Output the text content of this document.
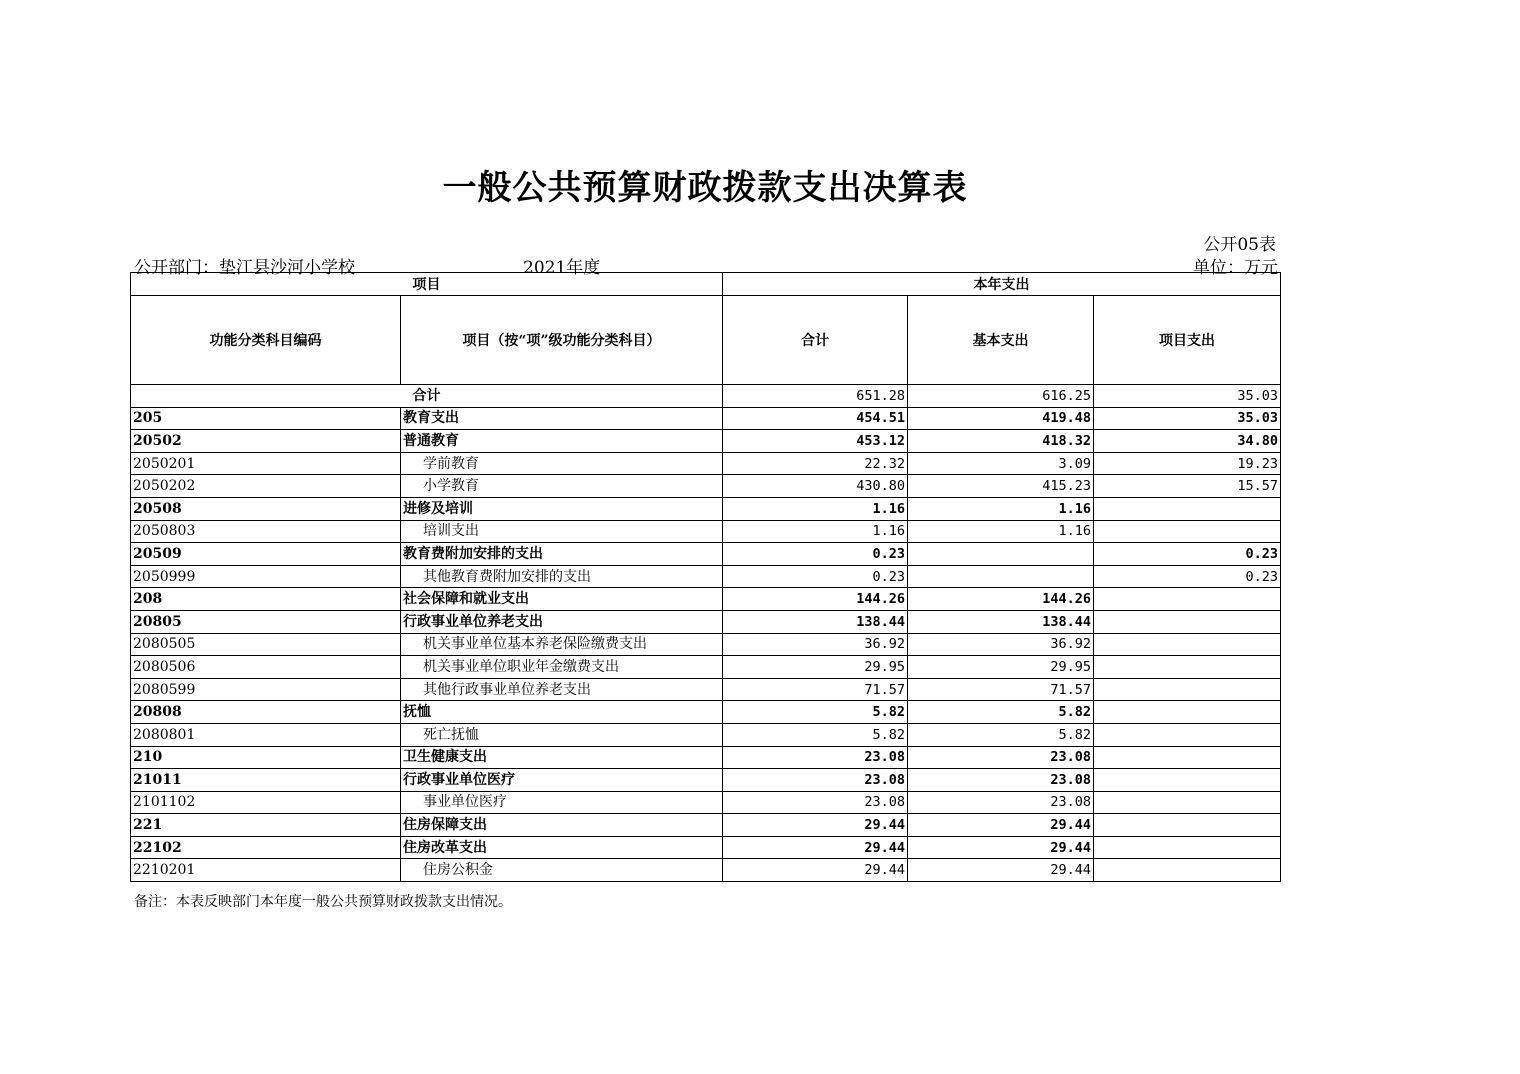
一般公共预算财政拨款支出决算表
公开05表
公开部门：垫江县沙河小学校	2021年度	单位：万元
项目		本年支出		
功能分类科目编码	项目（按“项”级功能分类科目）	合计	基本支出	项目支出
合计		651.28	616.25	35.03
205	教育支出	454.51	419.48	35.03
20502	普通教育	453.12	418.32	34.80
2050201	学前教育	22.32	3.09	19.23
2050202	小学教育	430.80	415.23	15.57
20508	进修及培训	1.16	1.16	
2050803	培训支出	1.16	1.16	
20509	教育费附加安排的支出	0.23		0.23
2050999	其他教育费附加安排的支出	0.23		0.23
208	社会保障和就业支出	144.26	144.26	
20805	行政事业单位养老支出	138.44	138.44	
2080505	机关事业单位基本养老保险缴费支出	36.92	36.92	
2080506	机关事业单位职业年金缴费支出	29.95	29.95	
2080599	其他行政事业单位养老支出	71.57	71.57	
20808	抚恤	5.82	5.82	
2080801	死亡抚恤	5.82	5.82	
210	卫生健康支出	23.08	23.08	
21011	行政事业单位医疗	23.08	23.08	
2101102	事业单位医疗	23.08	23.08	
221	住房保障支出	29.44	29.44	
22102	住房改革支出	29.44	29.44	
2210201	住房公积金	29.44	29.44	
备注：本表反映部门本年度一般公共预算财政拨款支出情况。
